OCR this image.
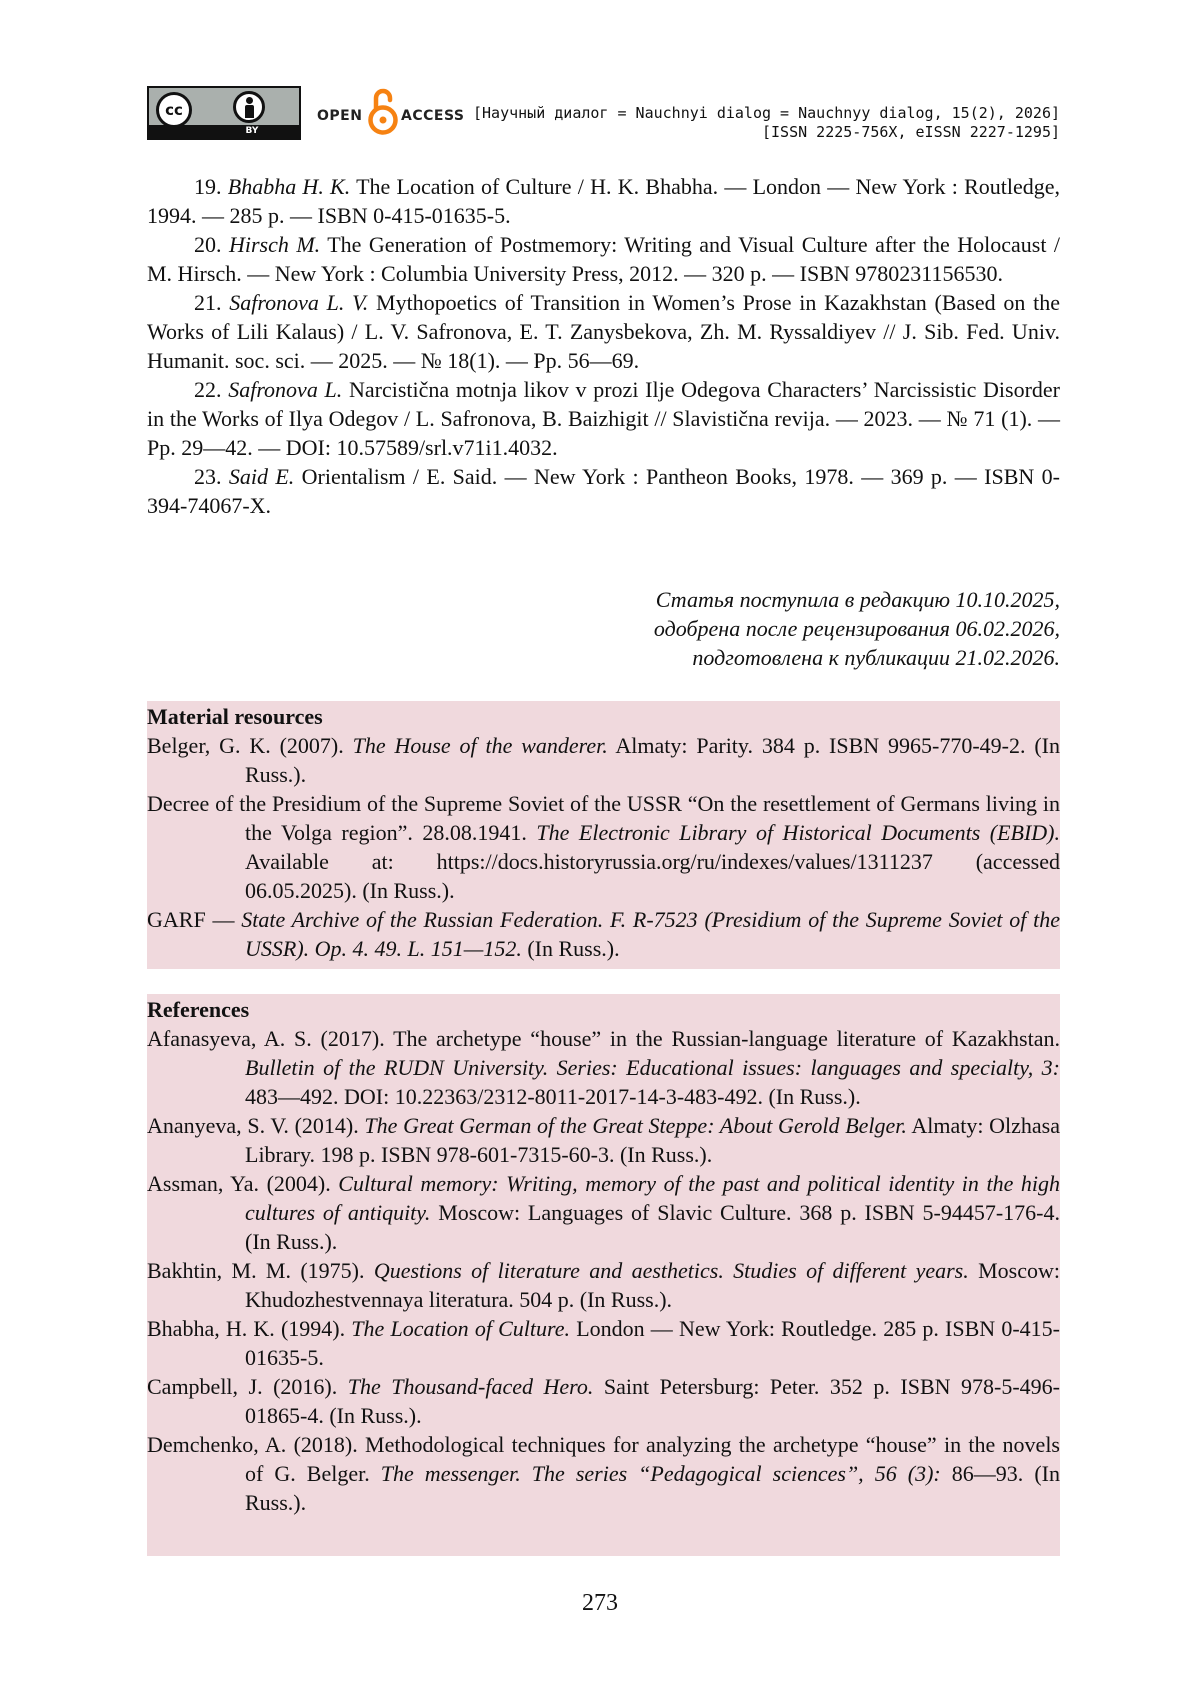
cc
BY
OPEN	ACCESS [Научный диалог = Nauchnyi dialog = Nauchnyy dialog, 15(2), 2026]
[ISSN 2225-756X, eISSN 2227-1295]

19. Bhabha H. K. The Location of Culture / H. K. Bhabha. — London — New York : Routledge, 1994. — 285 p. — ISBN 0-415-01635-5.

20. Hirsch M. The Generation of Postmemory: Writing and Visual Culture after the Holocaust / M. Hirsch. — New York : Columbia University Press, 2012. — 320 p. — ISBN 9780231156530.

21. Safronova L. V. Mythopoetics of Transition in Women’s Prose in Kazakhstan (Based on the Works of Lili Kalaus) / L. V. Safronova, E. T. Zanysbekova, Zh. M. Ryssaldiyev // J. Sib. Fed. Univ. Humanit. soc. sci. — 2025. — № 18(1). — Pp. 56—69.

22. Safronova L. Narcistična motnja likov v prozi Ilje Odegova Characters’ Narcissistic Disorder in the Works of Ilya Odegov / L. Safronova, B. Baizhigit // Slavistična revija. — 2023. — № 71 (1). — Pp. 29—42. — DOI: 10.57589/srl.v71i1.4032.

23. Said E. Orientalism / E. Said. — New York : Pantheon Books, 1978. — 369 p. — ISBN 0-394-74067-X.

Статья поступила в редакцию 10.10.2025,
одобрена после рецензирования 06.02.2026,
подготовлена к публикации 21.02.2026.
Material resources

Belger, G. K. (2007). The House of the wanderer. Almaty: Parity. 384 p. ISBN 9965-770-49-2. (In Russ.).

Decree of the Presidium of the Supreme Soviet of the USSR “On the resettlement of Germans living in the Volga region”. 28.08.1941. The Electronic Library of Historical Documents (EBID). Available at: https://docs.historyrussia.org/ru/indexes/values/1311237 (accessed 06.05.2025). (In Russ.).

GARF — State Archive of the Russian Federation. F. R-7523 (Presidium of the Supreme Soviet of the USSR). Op. 4. 49. L. 151—152. (In Russ.).

References

Afanasyeva, A. S. (2017). The archetype “house” in the Russian-language literature of Kazakhstan. Bulletin of the RUDN University. Series: Educational issues: languages and specialty, 3: 483—492. DOI: 10.22363/2312-8011-2017-14-3-483-492. (In Russ.).

Ananyeva, S. V. (2014). The Great German of the Great Steppe: About Gerold Belger. Almaty: Olzhasa Library. 198 p. ISBN 978-601-7315-60-3. (In Russ.).

Assman, Ya. (2004). Cultural memory: Writing, memory of the past and political identity in the high cultures of antiquity. Moscow: Languages of Slavic Culture. 368 p. ISBN 5-94457-176-4. (In Russ.).

Bakhtin, M. M. (1975). Questions of literature and aesthetics. Studies of different years. Moscow: Khudozhestvennaya literatura. 504 p. (In Russ.).

Bhabha, H. K. (1994). The Location of Culture. London — New York: Routledge. 285 p. ISBN 0-415-01635-5.

Campbell, J. (2016). The Thousand-faced Hero. Saint Petersburg: Peter. 352 p. ISBN 978-5-496-01865-4. (In Russ.).

Demchenko, A. (2018). Methodological techniques for analyzing the archetype “house” in the novels of G. Belger. The messenger. The series “Pedagogical sciences”, 56 (3): 86—93. (In Russ.).

273
